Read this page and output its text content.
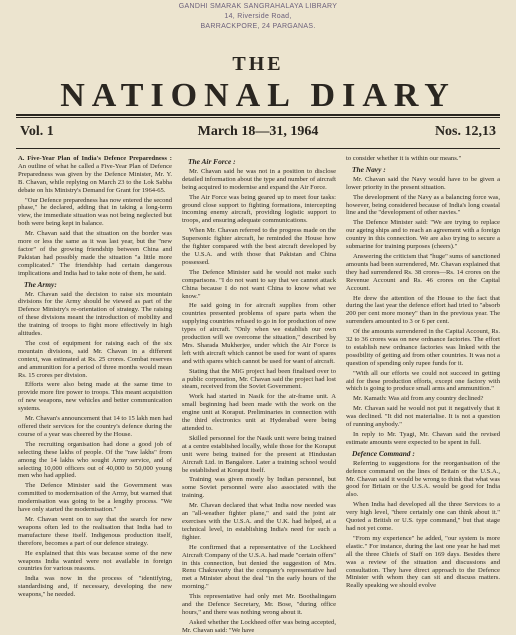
GANDHI SMARAK SANGRAHALAYA LIBRARY
14, Riverside Road,
BARRACKPORE, 24 PARGANAS.
THE
NATIONAL DIARY
Vol. 1	March 18—31, 1964	Nos. 12,13

A. Five-Year Plan of India's Defence Preparedness : An outline of what he called a Five-Year Plan of Defence Preparedness was given by the Defence Minister, Mr. Y. B. Chavan, while replying on March 23 to the Lok Sabha debate on his Ministry's Demand for Grant for 1964-65.

"Our Defence preparedness has now entered the second phase," he declared, adding that in taking a long-term view, the immediate situation was not being neglected but both were being kept in balance.

Mr. Chavan said that the situation on the border was more or less the same as it was last year, but the "new factor" of the growing friendship between China and Pakistan had possibly made the situation "a little more complicated." The friendship had certain dangerous implications and India had to take note of them, he said.

The Army:

Mr. Chavan said the decision to raise six mountain divisions for the Army should be viewed as part of the Defence Ministry's re-orientation of strategy. The raising of these divisions meant the introduction of mobility and the training of troops to fight more effectively in high altitudes.

The cost of equipment for raising each of the six mountain divisions, said Mr. Chavan in a different context, was estimated at Rs. 25 crores. Combat reserves and ammunition for a period of three months would mean Rs. 15 crores per division.

Efforts were also being made at the same time to provide more fire power to troops. This meant acquisition of new weapons, new vehicles and better communication systems.

Mr. Chavan's announcement that 14 to 15 lakh men had offered their services for the country's defence during the course of a year was cheered by the House.

The recruiting organisation had done a good job of selecting these lakhs of people. Of the "raw lakhs" from among the 14 lakhs who sought Army service, and of selecting 10,000 officers out of 40,000 to 50,000 young men who had applied.

The Defence Minister said the Government was committed to modernisation of the Army, but warned that modernisation was going to be a lengthy process. "We have only started the modernisation."

Mr. Chavan went on to say that the search for new weapons often led to the realisation that India had to manufacture these itself. Indigenous production itself, therefore, becomes a part of our defence strategy.

He explained that this was because some of the new weapons India wanted were not available in foreign countries for various reasons.

India was now in the process of "identifying, standardising and, if necessary, developing the new weapons," he needed.

The Air Force :

Mr. Chavan said he was not in a position to disclose detailed information about the type and number of aircraft being acquired to modernise and expand the Air Force.

The Air Force was being geared up to meet four tasks: ground close support to fighting formations, intercepting incoming enemy aircraft, providing logistic support to troops, and ensuring adequate communications.

When Mr. Chavan referred to the progress made on the Supersonic fighter aircraft, he reminded the House how the fighter compared with the best aircraft developed by the U.S.A. and with those that Pakistan and China possessed.

The Defence Minister said he would not make such comparisons. "I do not want to say that we cannot attack China because I do not want China to know what we know."

He said going in for aircraft supplies from other countries presented problems of spare parts when the supplying countries refused to go in for production of new types of aircraft. "Only when we establish our own production will we overcome the situation," described by Mrs. Sharada Mukherjee, under which the Air Force is left with aircraft which cannot be used for want of spares and with spares which cannot be used for want of aircraft.

Stating that the MiG project had been finalised over to a public corporation, Mr. Chavan said the project had lost steam, received from the Soviet Government.

Work had started in Nasik for the air-frame unit. A small beginning had been made with the work on the engine unit at Koraput. Preliminaries in connection with the third electronics unit at Hyderabad were being attended to.

Skilled personnel for the Nasik unit were being trained at a centre established locally, while those for the Koraput unit were being trained for the present at Hindustan Aircraft Ltd. in Bangalore. Later a training school would be established at Koraput itself.

Training was given mostly by Indian personnel, but some Soviet personnel were also associated with the training.

Mr. Chavan declared that what India now needed was an "all-weather fighter plane," and said the joint air exercises with the U.S.A. and the U.K. had helped, at a technical level, in establishing India's need for such a fighter.

He confirmed that a representative of the Lockheed Aircraft Company of the U.S.A. had made "certain offers" in this connection, but denied the suggestion of Mrs. Renu Chakravarty that the company's representative had met a Minister about the deal "in the early hours of the morning."

This representative had only met Mr. Boothalingam and the Defence Secretary, Mr. Bose, "during office hours," and there was nothing wrong about it.

Asked whether the Lockheed offer was being accepted, Mr. Chavan said: "We have

to consider whether it is within our means."

The Navy :

Mr. Chavan said the Navy would have to be given a lower priority in the present situation.

The development of the Navy as a balancing force was, however, being considered because of India's long coastal line and the "development of other navies."

The Defence Minister said: "We are trying to replace our ageing ships and to reach an agreement with a foreign country in this connection. We are also trying to secure a submarine for training purposes (cheers)."

Answering the criticism that "huge" sums of sanctioned amounts had been surrendered, Mr. Chavan explained that they had surrendered Rs. 38 crores—Rs. 14 crores on the Revenue Account and Rs. 46 crores on the Capital Account.

He drew the attention of the House to the fact that during the last year the defence effort had tried to "absorb 200 per cent more money" than in the previous year. The surrenders amounted to 3 or 6 per cent.

Of the amounts surrendered in the Capital Account, Rs. 32 to 36 crores was on new ordnance factories. The effort to establish new ordnance factories was linked with the possibility of getting aid from other countries. It was not a question of spending only rupee funds for it.

"With all our efforts we could not succeed in getting aid for these production efforts, except one factory with which is going to produce small arms and ammunition."

Mr. Kamath: Was aid from any country declined?

Mr. Chavan said he would not put it negatively that it was declined. "It did not materialise. It is not a question of running anybody."

In reply to Mr. Tyagi, Mr. Chavan said the revised estimate amounts were expected to be spent in full.

Defence Command :

Referring to suggestions for the reorganisation of the defence command on the lines of Britain or the U.S.A., Mr. Chavan said it would be wrong to think that what was good for Britain or the U.S.A. would be good for India also.

When India had developed all the three Services to a very high level, "there certainly one can think about it." Quoted a British or U.S. type command," but that stage had not yet come.

"From my experience" he added, "our system is more elastic." For instance, during the last one year he had met all the three Chiefs of Staff on 169 days. Besides there was a review of the situation and discussions and consultation. They have direct approach to the Defence Minister with whom they can sit and discuss matters. Really speaking we should evolve
